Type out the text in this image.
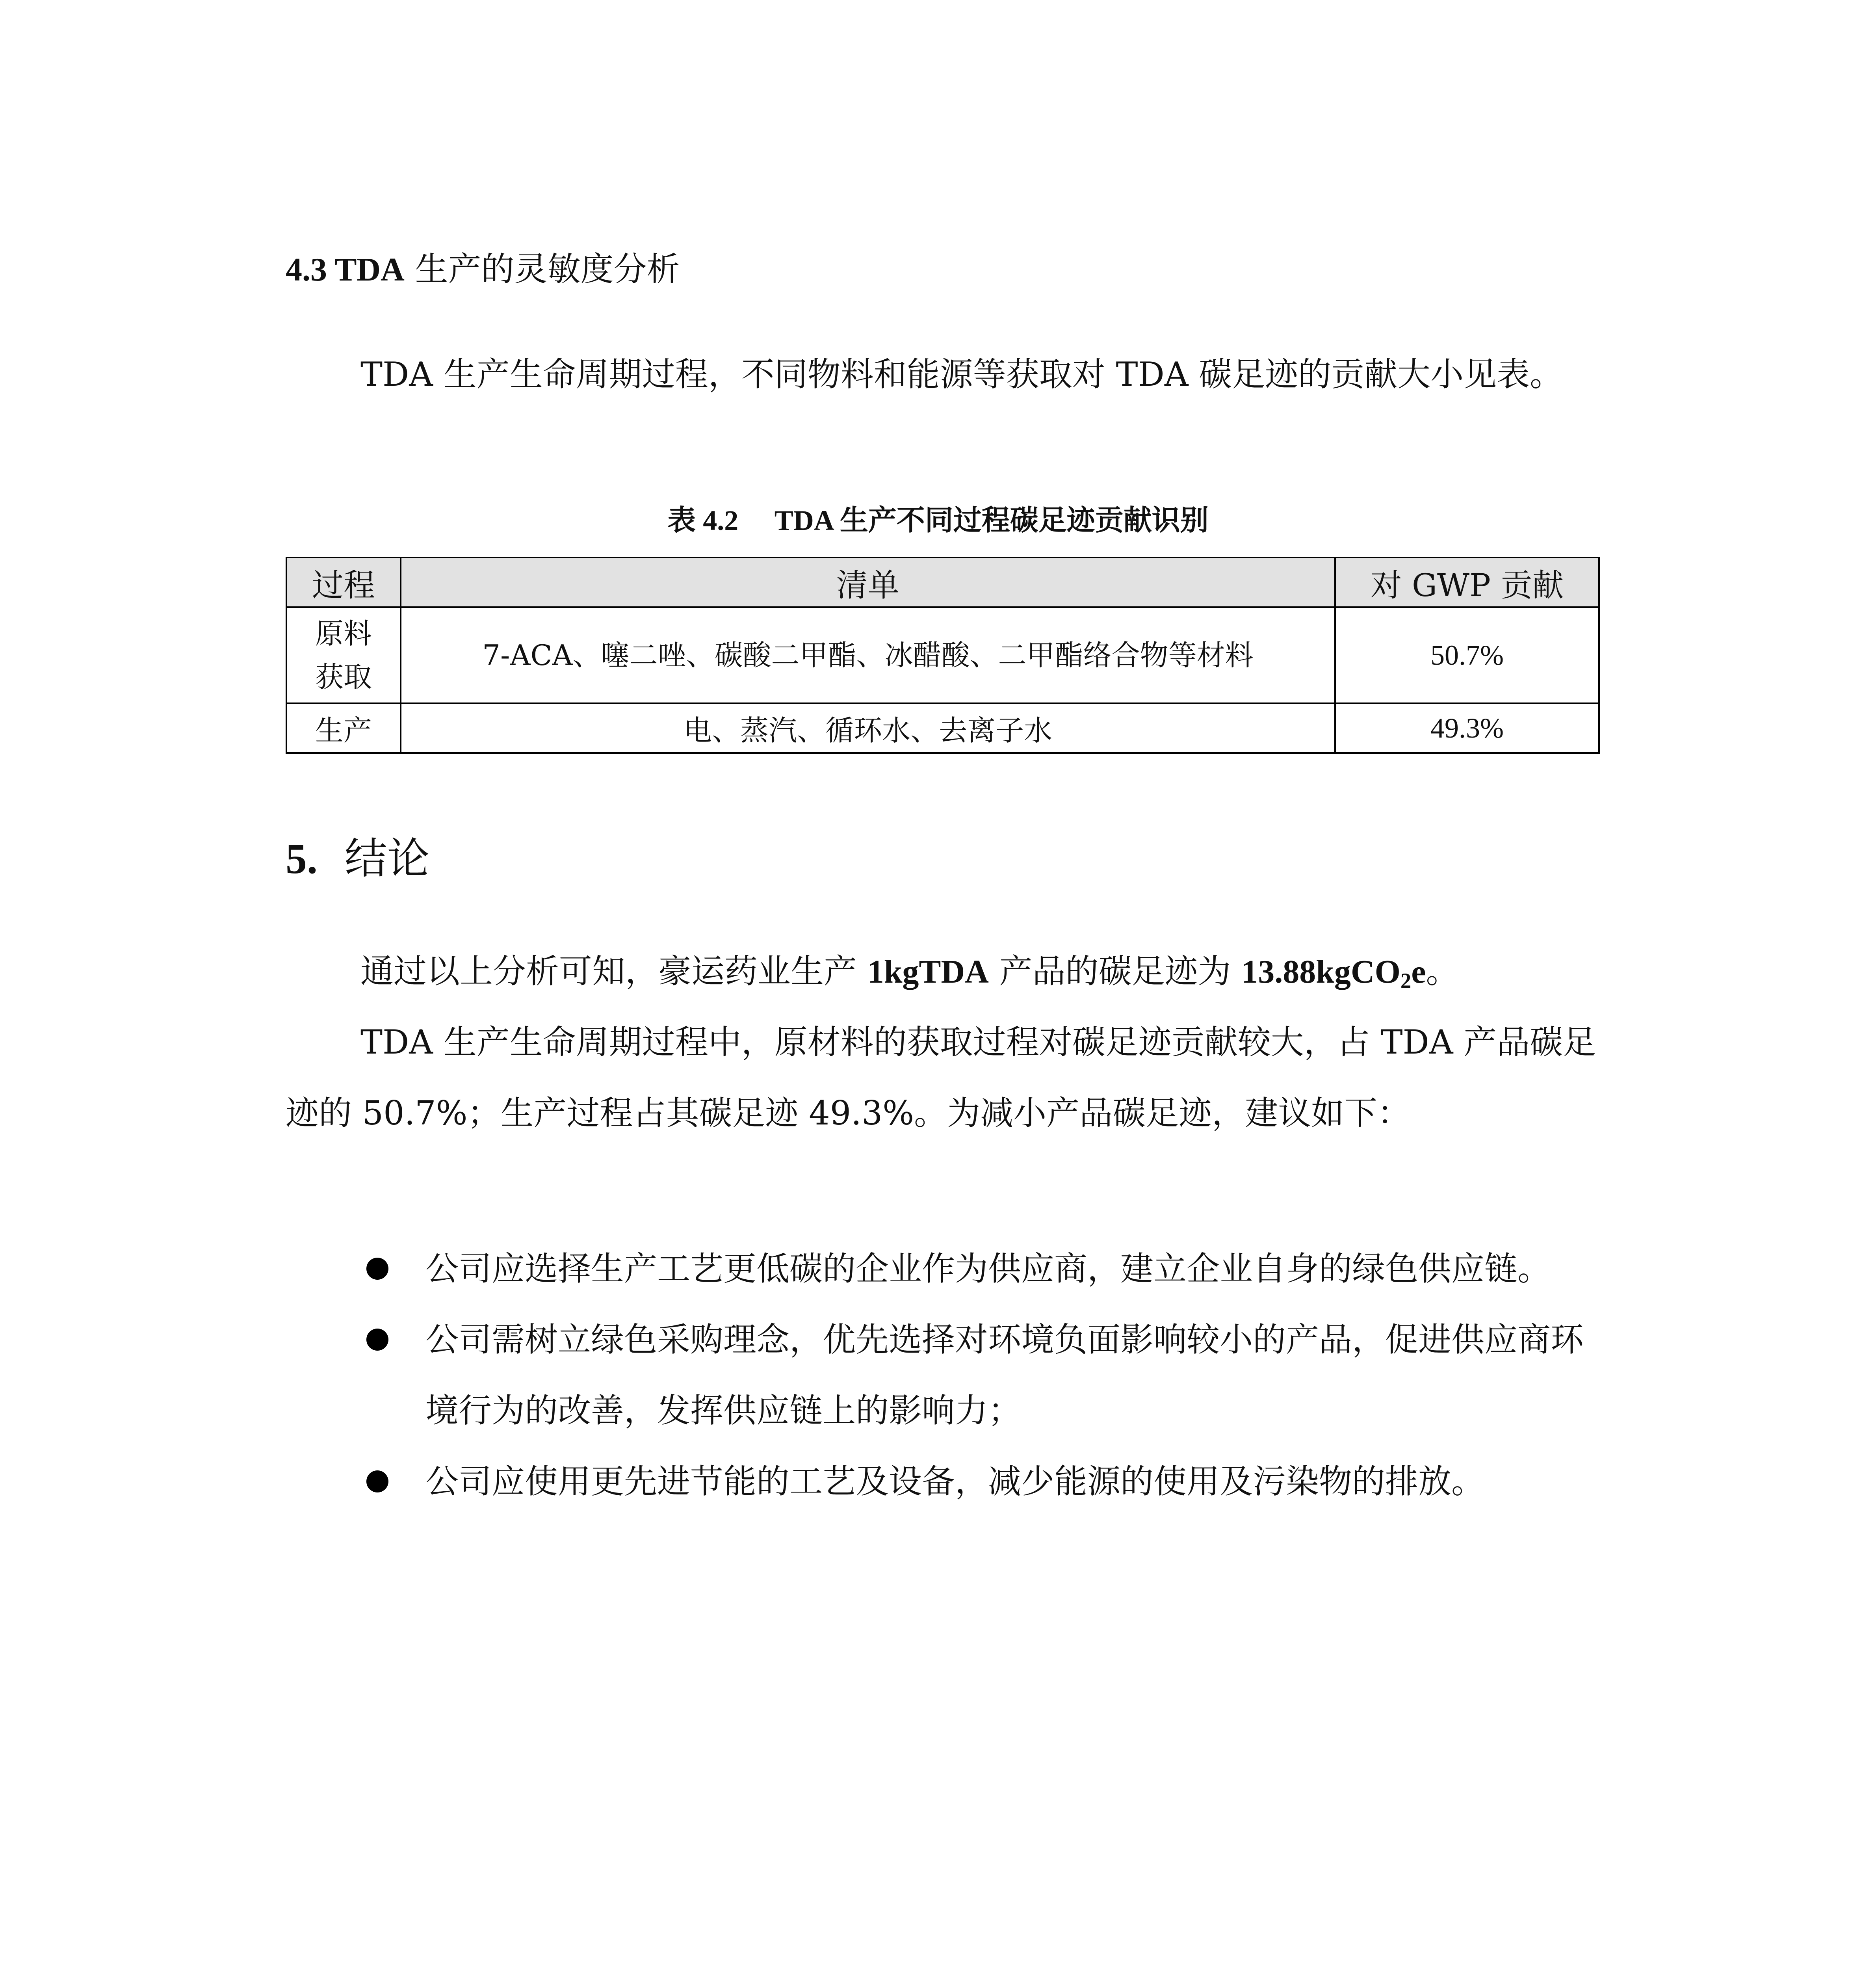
4.3 TDA 生产的灵敏度分析

TDA 生产生命周期过程，不同物料和能源等获取对 TDA 碳足迹的贡献大小见表。

表 4.2 TDA 生产不同过程碳足迹贡献识别
过程	清单	对 GWP 贡献
原料获取	7-ACA、噻二唑、碳酸二甲酯、冰醋酸、二甲酯络合物等材料	50.7%
生产	电、蒸汽、循环水、去离子水	49.3%
5. 结论

通过以上分析可知，豪运药业生产 1kgTDA 产品的碳足迹为 13.88kgCO$_2$e。

TDA 生产生命周期过程中，原材料的获取过程对碳足迹贡献较大，占 TDA 产品碳足迹的 50.7%；生产过程占其碳足迹 49.3%。为减小产品碳足迹，建议如下：

公司应选择生产工艺更低碳的企业作为供应商，建立企业自身的绿色供应链。
公司需树立绿色采购理念，优先选择对环境负面影响较小的产品，促进供应商环境行为的改善，发挥供应链上的影响力；
公司应使用更先进节能的工艺及设备，减少能源的使用及污染物的排放。
